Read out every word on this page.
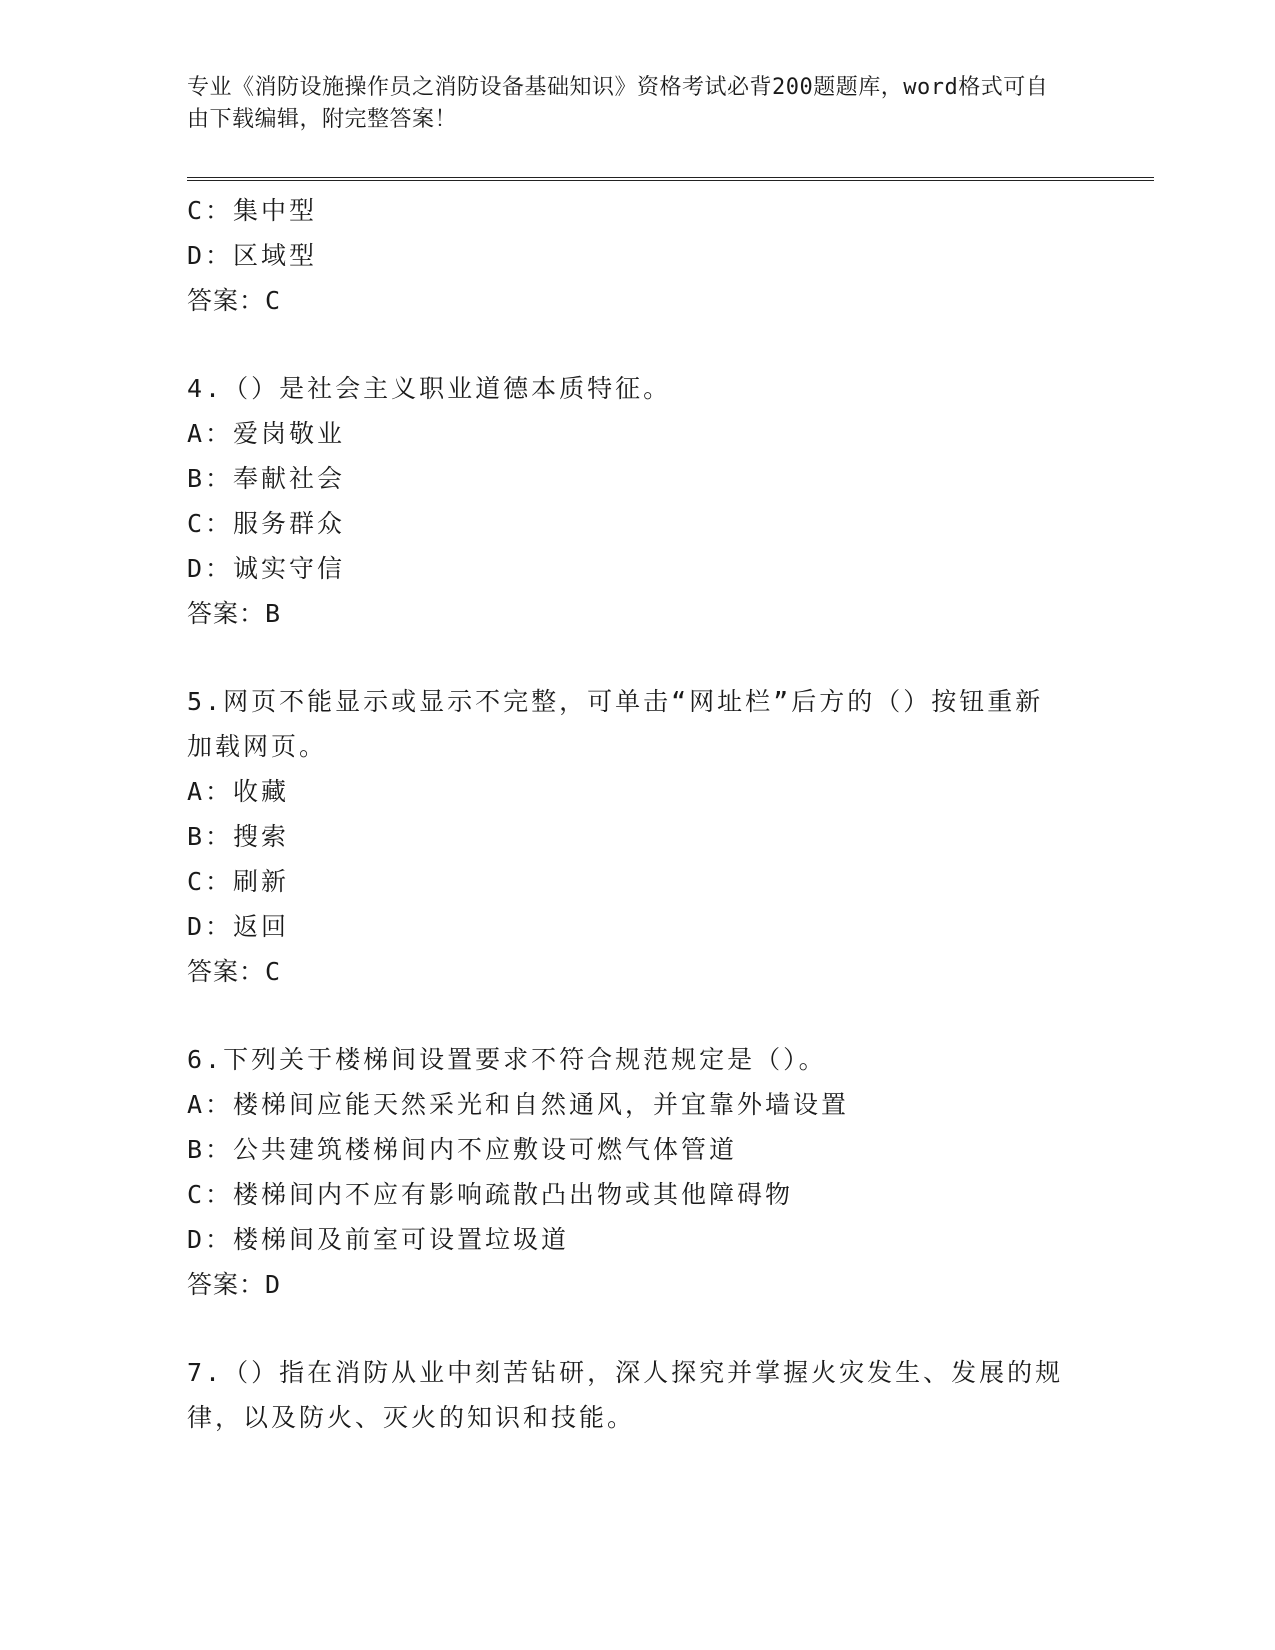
专业《消防设施操作员之消防设备基础知识》资格考试必背200题题库，word格式可自由下载编辑，附完整答案！
C：集中型
D：区域型
答案：C
4.（）是社会主义职业道德本质特征。
A：爱岗敬业
B：奉献社会
C：服务群众
D：诚实守信
答案：B
5.网页不能显示或显示不完整，可单击“网址栏”后方的（）按钮重新加载网页。
A：收藏
B：搜索
C：刷新
D：返回
答案：C
6.下列关于楼梯间设置要求不符合规范规定是（）。
A：楼梯间应能天然采光和自然通风，并宜靠外墙设置
B：公共建筑楼梯间内不应敷设可燃气体管道
C：楼梯间内不应有影响疏散凸出物或其他障碍物
D：楼梯间及前室可设置垃圾道
答案：D
7.（）指在消防从业中刻苦钻研，深人探究并掌握火灾发生、发展的规律，以及防火、灭火的知识和技能。
